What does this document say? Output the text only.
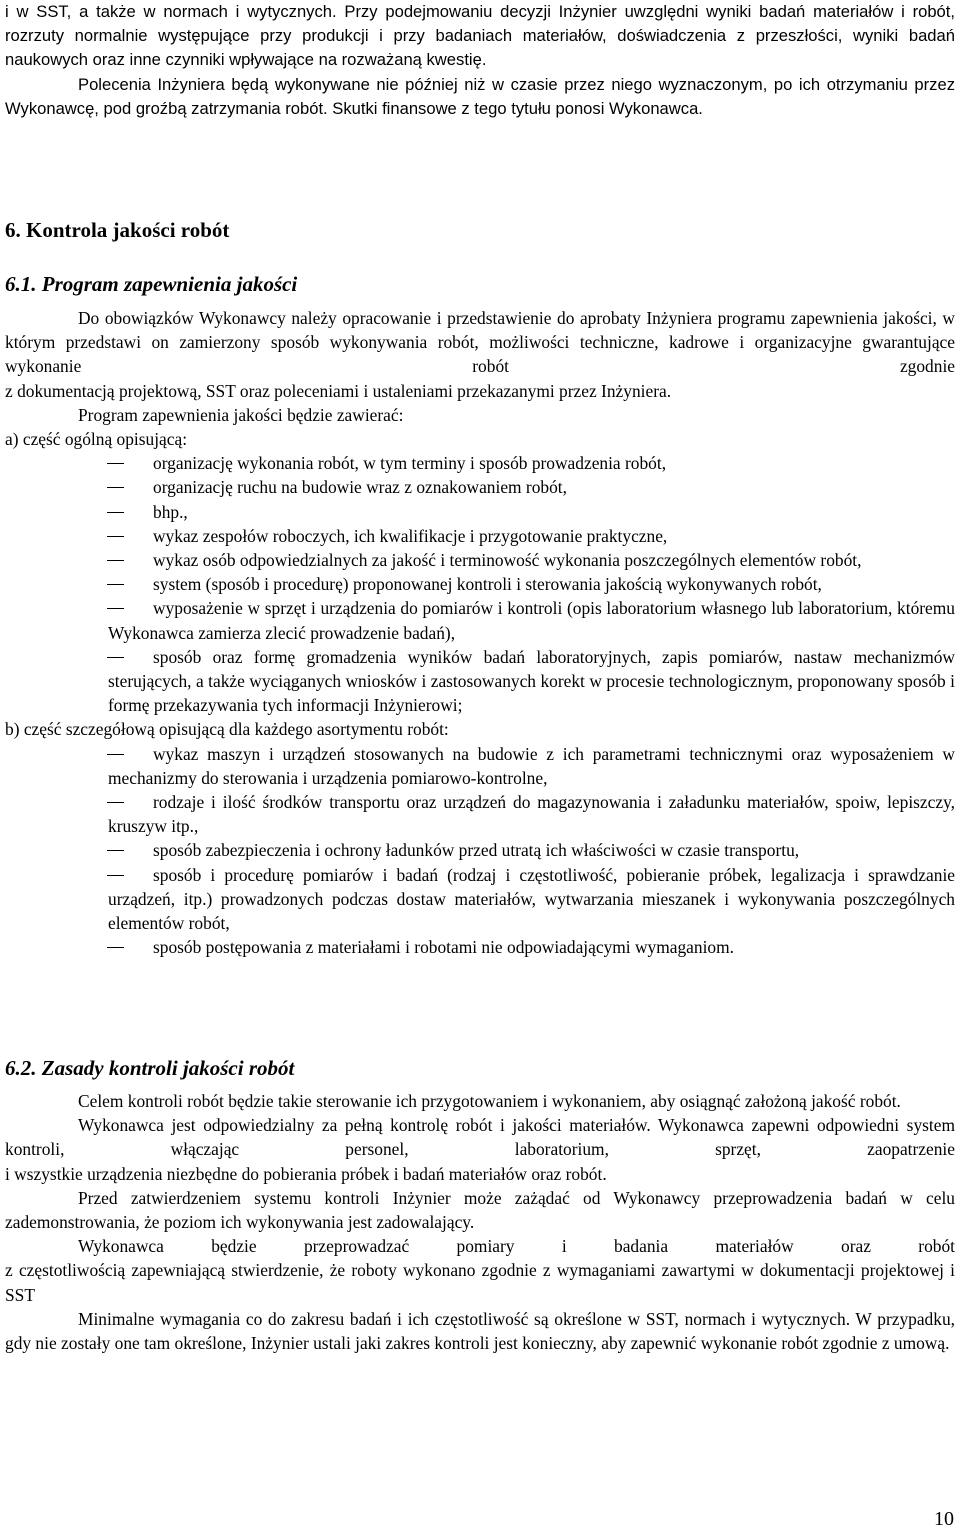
i w SST, a także w normach i wytycznych. Przy podejmowaniu decyzji Inżynier uwzględni wyniki badań materiałów i robót, rozrzuty normalnie występujące przy produkcji i przy badaniach materiałów, doświadczenia z przeszłości, wyniki badań naukowych oraz inne czynniki wpływające na rozważaną kwestię.

Polecenia Inżyniera będą wykonywane nie później niż w czasie przez niego wyznaczonym, po ich otrzymaniu przez Wykonawcę, pod groźbą zatrzymania robót. Skutki finansowe z tego tytułu ponosi Wykonawca.

6. Kontrola jakości robót
6.1. Program zapewnienia jakości

Do obowiązków Wykonawcy należy opracowanie i przedstawienie do aprobaty Inżyniera programu zapewnienia jakości, w którym przedstawi on zamierzony sposób wykonywania robót, możliwości techniczne, kadrowe i organizacyjne gwarantujące wykonanie robót zgodnie

z dokumentacją projektową, SST oraz poleceniami i ustaleniami przekazanymi przez Inżyniera.

Program zapewnienia jakości będzie zawierać:

a) część ogólną opisującą:

organizację wykonania robót, w tym terminy i sposób prowadzenia robót,

organizację ruchu na budowie wraz z oznakowaniem robót,

bhp.,

wykaz zespołów roboczych, ich kwalifikacje i przygotowanie praktyczne,

wykaz osób odpowiedzialnych za jakość i terminowość wykonania poszczególnych elementów robót,

system (sposób i procedurę) proponowanej kontroli i sterowania jakością wykonywanych robót,

wyposażenie w sprzęt i urządzenia do pomiarów i kontroli (opis laboratorium własnego lub laboratorium, któremu Wykonawca zamierza zlecić prowadzenie badań),

sposób oraz formę gromadzenia wyników badań laboratoryjnych, zapis pomiarów, nastaw mechanizmów sterujących, a także wyciąganych wniosków i zastosowanych korekt w procesie technologicznym, proponowany sposób i formę przekazywania tych informacji Inżynierowi;

b) część szczegółową opisującą dla każdego asortymentu robót:

wykaz maszyn i urządzeń stosowanych na budowie z ich parametrami technicznymi oraz wyposażeniem w mechanizmy do sterowania i urządzenia pomiarowo-kontrolne,

rodzaje i ilość środków transportu oraz urządzeń do magazynowania i załadunku materiałów, spoiw, lepiszczy, kruszyw itp.,

sposób zabezpieczenia i ochrony ładunków przed utratą ich właściwości w czasie transportu,

sposób i procedurę pomiarów i badań (rodzaj i częstotliwość, pobieranie próbek, legalizacja i sprawdzanie urządzeń, itp.) prowadzonych podczas dostaw materiałów, wytwarzania mieszanek i wykonywania poszczególnych elementów robót,

sposób postępowania z materiałami i robotami nie odpowiadającymi wymaganiom.

6.2. Zasady kontroli jakości robót

Celem kontroli robót będzie takie sterowanie ich przygotowaniem i wykonaniem, aby osiągnąć założoną jakość robót.

Wykonawca jest odpowiedzialny za pełną kontrolę robót i jakości materiałów. Wykonawca zapewni odpowiedni system kontroli, włączając personel, laboratorium, sprzęt, zaopatrzenie

i wszystkie urządzenia niezbędne do pobierania próbek i badań materiałów oraz robót.

Przed zatwierdzeniem systemu kontroli Inżynier może zażądać od Wykonawcy przeprowadzenia badań w celu zademonstrowania, że poziom ich wykonywania jest zadowalający.

Wykonawca będzie przeprowadzać pomiary i badania materiałów oraz robót

z częstotliwością zapewniającą stwierdzenie, że roboty wykonano zgodnie z wymaganiami zawartymi w dokumentacji projektowej i SST

Minimalne wymagania co do zakresu badań i ich częstotliwość są określone w SST, normach i wytycznych. W przypadku, gdy nie zostały one tam określone, Inżynier ustali jaki zakres kontroli jest konieczny, aby zapewnić wykonanie robót zgodnie z umową.

10
